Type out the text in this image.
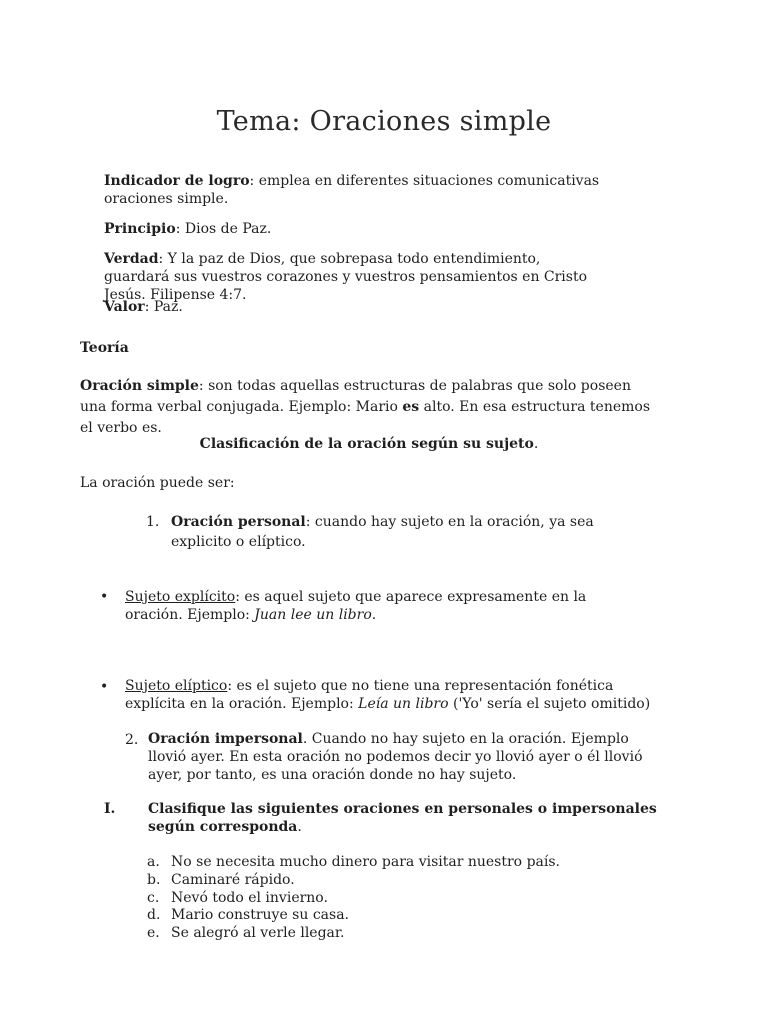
Tema: Oraciones simple
Indicador de logro: emplea en diferentes situaciones comunicativas oraciones simple.
Principio: Dios de Paz.
Verdad: Y la paz de Dios, que sobrepasa todo entendimiento, guardará sus vuestros corazones y vuestros pensamientos en Cristo Jesús. Filipense 4:7.
Valor: Paz.
Teoría
Oración simple: son todas aquellas estructuras de palabras que solo poseen una forma verbal conjugada. Ejemplo: Mario es alto. En esa estructura tenemos el verbo es.
Clasificación de la oración según su sujeto.
La oración puede ser:
1. Oración personal: cuando hay sujeto en la oración, ya sea explicito o elíptico.
• Sujeto explícito: es aquel sujeto que aparece expresamente en la oración. Ejemplo: Juan lee un libro.
• Sujeto elíptico: es el sujeto que no tiene una representación fonética explícita en la oración. Ejemplo: Leía un libro ('Yo' sería el sujeto omitido)
2. Oración impersonal. Cuando no hay sujeto en la oración. Ejemplo llovió ayer. En esta oración no podemos decir yo llovió ayer o él llovió ayer, por tanto, es una oración donde no hay sujeto.
I. Clasifique las siguientes oraciones en personales o impersonales según corresponda.
a. No se necesita mucho dinero para visitar nuestro país.
b. Caminaré rápido.
c. Nevó todo el invierno.
d. Mario construye su casa.
e. Se alegró al verle llegar.
